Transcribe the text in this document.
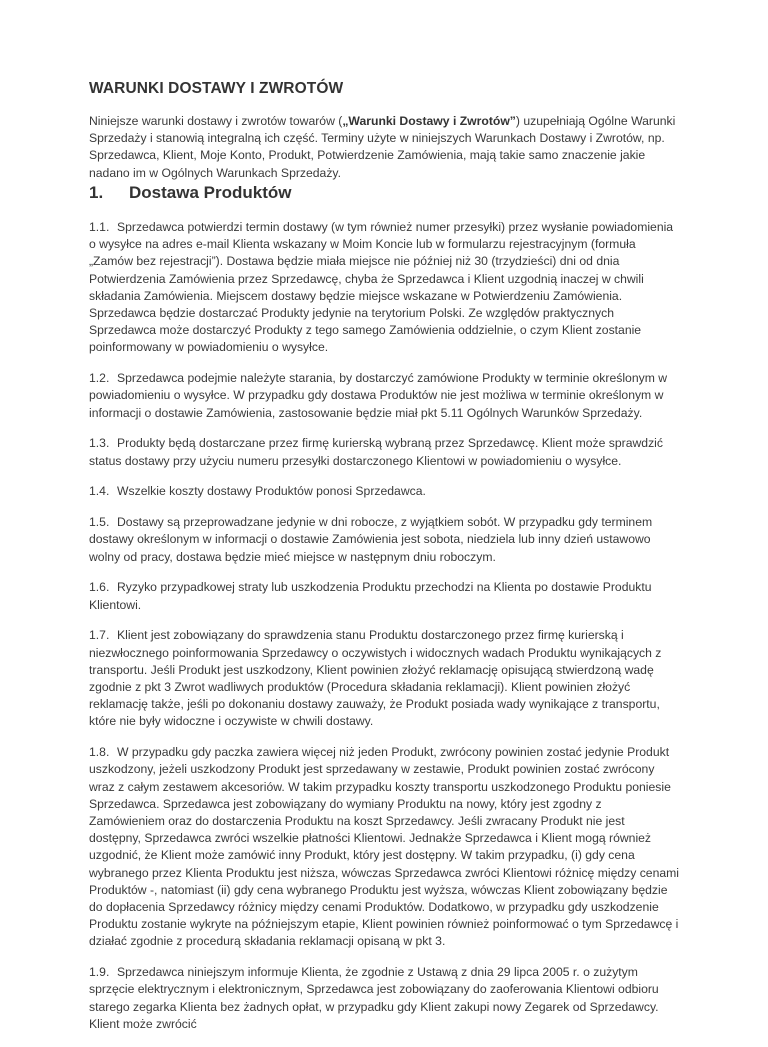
WARUNKI DOSTAWY I ZWROTÓW

Niniejsze warunki dostawy i zwrotów towarów („Warunki Dostawy i Zwrotów”) uzupełniają Ogólne Warunki Sprzedaży i stanowią integralną ich część. Terminy użyte w niniejszych Warunkach Dostawy i Zwrotów, np. Sprzedawca, Klient, Moje Konto, Produkt, Potwierdzenie Zamówienia, mają takie samo znaczenie jakie nadano im w Ogólnych Warunkach Sprzedaży.

1. Dostawa Produktów

1.1. Sprzedawca potwierdzi termin dostawy (w tym również numer przesyłki) przez wysłanie powiadomienia o wysyłce na adres e-mail Klienta wskazany w Moim Koncie lub w formularzu rejestracyjnym (formuła „Zamów bez rejestracji”). Dostawa będzie miała miejsce nie później niż 30 (trzydzieści) dni od dnia Potwierdzenia Zamówienia przez Sprzedawcę, chyba że Sprzedawca i Klient uzgodnią inaczej w chwili składania Zamówienia. Miejscem dostawy będzie miejsce wskazane w Potwierdzeniu Zamówienia. Sprzedawca będzie dostarczać Produkty jedynie na terytorium Polski. Ze względów praktycznych Sprzedawca może dostarczyć Produkty z tego samego Zamówienia oddzielnie, o czym Klient zostanie poinformowany w powiadomieniu o wysyłce.

1.2. Sprzedawca podejmie należyte starania, by dostarczyć zamówione Produkty w terminie określonym w powiadomieniu o wysyłce. W przypadku gdy dostawa Produktów nie jest możliwa w terminie określonym w informacji o dostawie Zamówienia, zastosowanie będzie miał pkt 5.11 Ogólnych Warunków Sprzedaży.

1.3. Produkty będą dostarczane przez firmę kurierską wybraną przez Sprzedawcę. Klient może sprawdzić status dostawy przy użyciu numeru przesyłki dostarczonego Klientowi w powiadomieniu o wysyłce.

1.4. Wszelkie koszty dostawy Produktów ponosi Sprzedawca.

1.5. Dostawy są przeprowadzane jedynie w dni robocze, z wyjątkiem sobót. W przypadku gdy terminem dostawy określonym w informacji o dostawie Zamówienia jest sobota, niedziela lub inny dzień ustawowo wolny od pracy, dostawa będzie mieć miejsce w następnym dniu roboczym.

1.6. Ryzyko przypadkowej straty lub uszkodzenia Produktu przechodzi na Klienta po dostawie Produktu Klientowi.

1.7. Klient jest zobowiązany do sprawdzenia stanu Produktu dostarczonego przez firmę kurierską i niezwłocznego poinformowania Sprzedawcy o oczywistych i widocznych wadach Produktu wynikających z transportu. Jeśli Produkt jest uszkodzony, Klient powinien złożyć reklamację opisującą stwierdzoną wadę zgodnie z pkt 3 Zwrot wadliwych produktów (Procedura składania reklamacji). Klient powinien złożyć reklamację także, jeśli po dokonaniu dostawy zauważy, że Produkt posiada wady wynikające z transportu, które nie były widoczne i oczywiste w chwili dostawy.

1.8. W przypadku gdy paczka zawiera więcej niż jeden Produkt, zwrócony powinien zostać jedynie Produkt uszkodzony, jeżeli uszkodzony Produkt jest sprzedawany w zestawie, Produkt powinien zostać zwrócony wraz z całym zestawem akcesoriów. W takim przypadku koszty transportu uszkodzonego Produktu poniesie Sprzedawca. Sprzedawca jest zobowiązany do wymiany Produktu na nowy, który jest zgodny z Zamówieniem oraz do dostarczenia Produktu na koszt Sprzedawcy. Jeśli zwracany Produkt nie jest dostępny, Sprzedawca zwróci wszelkie płatności Klientowi. Jednakże Sprzedawca i Klient mogą również uzgodnić, że Klient może zamówić inny Produkt, który jest dostępny. W takim przypadku, (i) gdy cena wybranego przez Klienta Produktu jest niższa, wówczas Sprzedawca zwróci Klientowi różnicę między cenami Produktów -, natomiast (ii) gdy cena wybranego Produktu jest wyższa, wówczas Klient zobowiązany będzie do dopłacenia Sprzedawcy różnicy między cenami Produktów. Dodatkowo, w przypadku gdy uszkodzenie Produktu zostanie wykryte na późniejszym etapie, Klient powinien również poinformować o tym Sprzedawcę i działać zgodnie z procedurą składania reklamacji opisaną w pkt 3.

1.9. Sprzedawca niniejszym informuje Klienta, że zgodnie z Ustawą z dnia 29 lipca 2005 r. o zużytym sprzęcie elektrycznym i elektronicznym, Sprzedawca jest zobowiązany do zaoferowania Klientowi odbioru starego zegarka Klienta bez żadnych opłat, w przypadku gdy Klient zakupi nowy Zegarek od Sprzedawcy. Klient może zwrócić
